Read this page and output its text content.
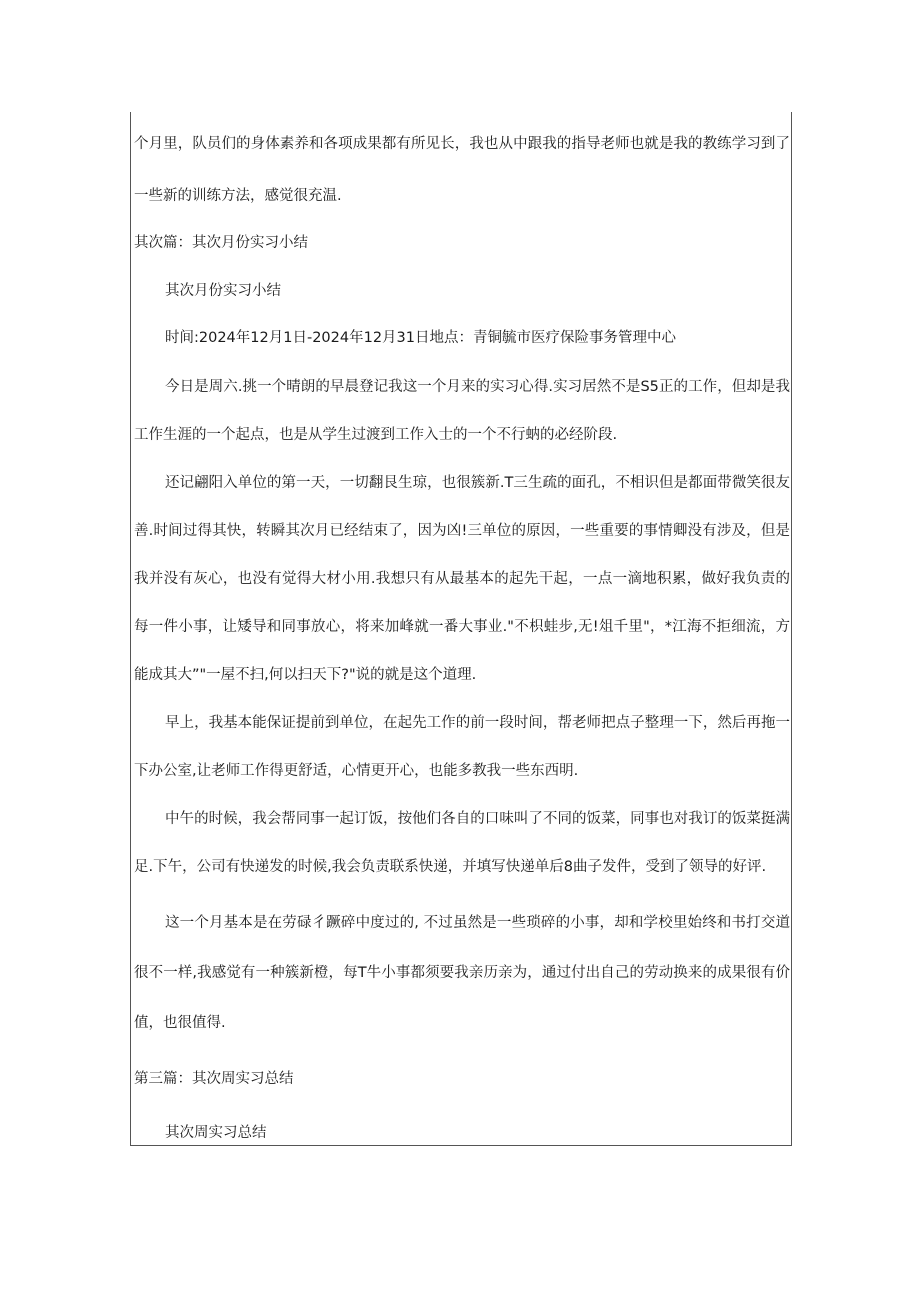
个月里，队员们的身体素养和各项成果都有所见长，我也从中跟我的指导老师也就是我的教练学习到了
一些新的训练方法，感觉很充温.
其次篇：其次月份实习小结
其次月份实习小结
时间:2024年12月1日-2024年12月31日地点：青铜毓市医疗保险事务管理中心
今日是周六.挑一个晴朗的早晨登记我这一个月来的实习心得.实习居然不是S5正的工作，但却是我
工作生涯的一个起点，也是从学生过渡到工作入士的一个不行蚋的必经阶段.
还记翩阳入单位的第一天，一切翻艮生琼，也很簇新.T三生疏的面孔，不相识但是都面带微笑很友
善.时间过得其快，转瞬其次月已经结束了，因为凶!三单位的原因，一些重要的事情卿没有涉及，但是
我并没有灰心，也没有觉得大材小用.我想只有从最基本的起先干起，一点一滴地积累，做好我负责的
每一件小事，让矮导和同事放心，将来加峰就一番大事业."不枳蛙步,无!俎千里"，*江海不拒细流，方
能成其大”"一屋不扫,何以扫天下?"说的就是这个道理.
早上，我基本能保证提前到单位，在起先工作的前一段时间，帮老师把点子整理一下，然后再拖一
下办公室,让老师工作得更舒适，心情更开心，也能多教我一些东西明.
中午的时候，我会帮同事一起订饭，按他们各自的口味叫了不同的饭菜，同事也对我订的饭菜挺满
足.下午，公司有快递发的时候,我会负责联系快递，并填写快递单后8曲子发件，受到了领导的好评.
这一个月基本是在劳碌彳蹶碎中度过的, 不过虽然是一些琐碎的小事，却和学校里始终和书打交道
很不一样,我感觉有一种簇新橙，每T牛小事都须要我亲历亲为，通过付出自己的劳动换来的成果很有价
值，也很值得.
第三篇：其次周实习总结
其次周实习总结
